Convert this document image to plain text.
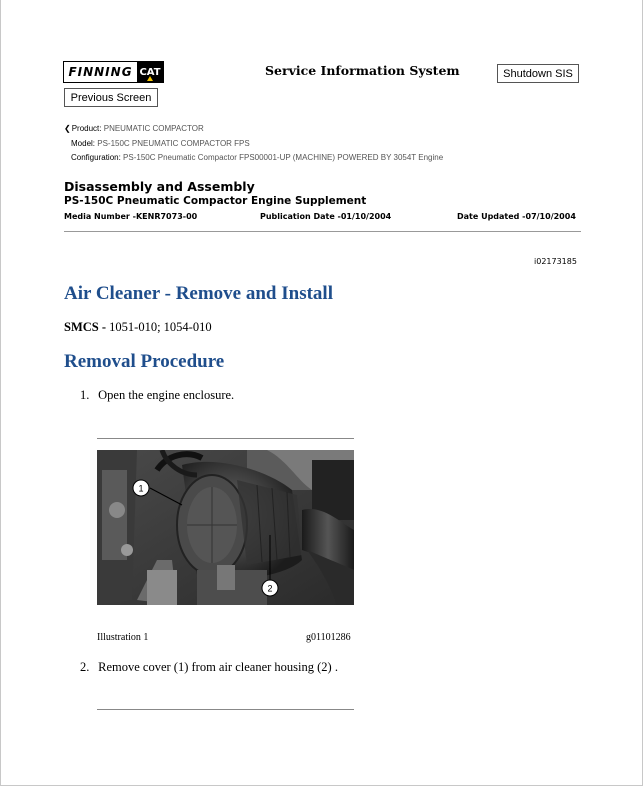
FINNING CAT	Service Information System	Shutdown SIS
Previous Screen
❮Product: PNEUMATIC COMPACTOR
Model: PS-150C PNEUMATIC COMPACTOR FPS
Configuration: PS-150C Pneumatic Compactor FPS00001-UP (MACHINE) POWERED BY 3054T Engine
Disassembly and Assembly
PS-150C Pneumatic Compactor Engine Supplement
Media Number -KENR7073-00	Publication Date -01/10/2004	Date Updated -07/10/2004
i02173185
Air Cleaner - Remove and Install
SMCS - 1051-010; 1054-010
Removal Procedure
1. Open the engine enclosure.
1
2
Illustration 1	g01101286
2. Remove cover (1) from air cleaner housing (2) .
